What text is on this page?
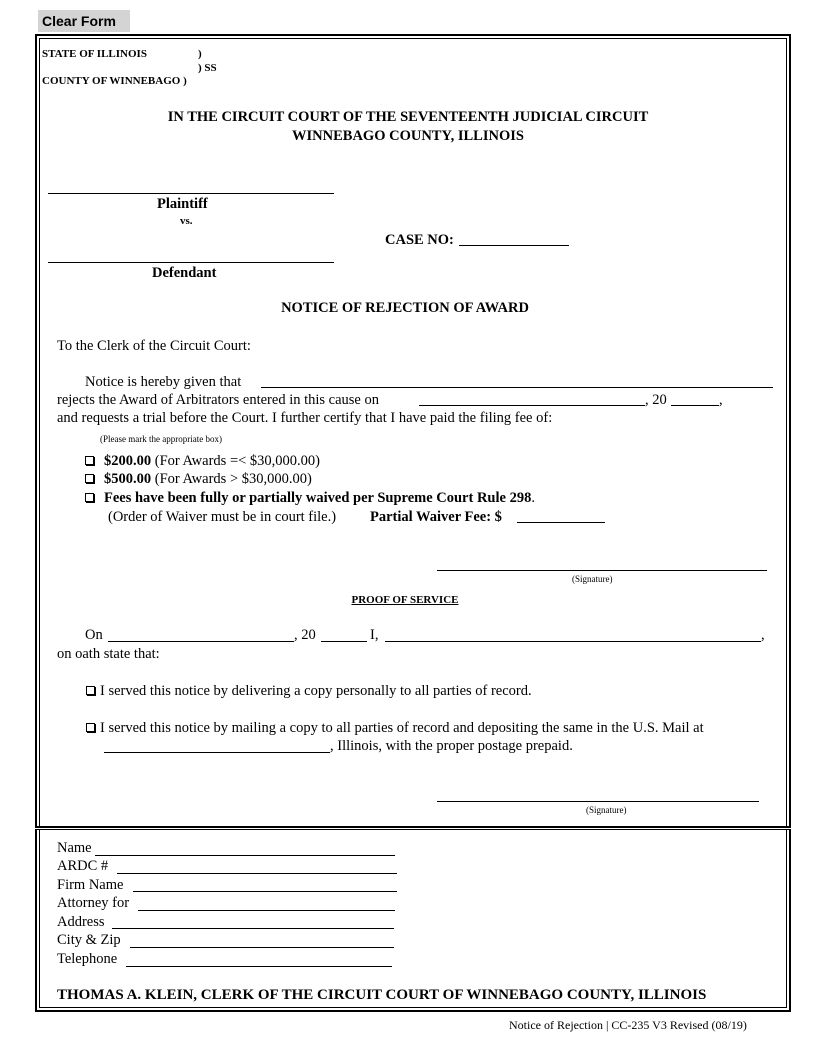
Clear Form
STATE OF ILLINOIS	)
) SS
COUNTY OF WINNEBAGO )
IN THE CIRCUIT COURT OF THE SEVENTEENTH JUDICIAL CIRCUIT
WINNEBAGO COUNTY, ILLINOIS
Plaintiff
vs.
CASE NO:
Defendant
NOTICE OF REJECTION OF AWARD
To the Clerk of the Circuit Court:
Notice is hereby given that
rejects the Award of Arbitrators entered in this cause on	, 20	,
and requests a trial before the Court. I further certify that I have paid the filing fee of:
(Please mark the appropriate box)
$200.00 (For Awards =< $30,000.00)
$500.00 (For Awards > $30,000.00)
Fees have been fully or partially waived per Supreme Court Rule 298.
(Order of Waiver must be in court file.) Partial Waiver Fee: $
(Signature)
PROOF OF SERVICE
On	, 20	I,	,
on oath state that:
I served this notice by delivering a copy personally to all parties of record.
I served this notice by mailing a copy to all parties of record and depositing the same in the U.S. Mail at
, Illinois, with the proper postage prepaid.
(Signature)
Name
ARDC #
Firm Name
Attorney for
Address
City & Zip
Telephone
THOMAS A. KLEIN, CLERK OF THE CIRCUIT COURT OF WINNEBAGO COUNTY, ILLINOIS
Notice of Rejection | CC-235 V3 Revised (08/19)
